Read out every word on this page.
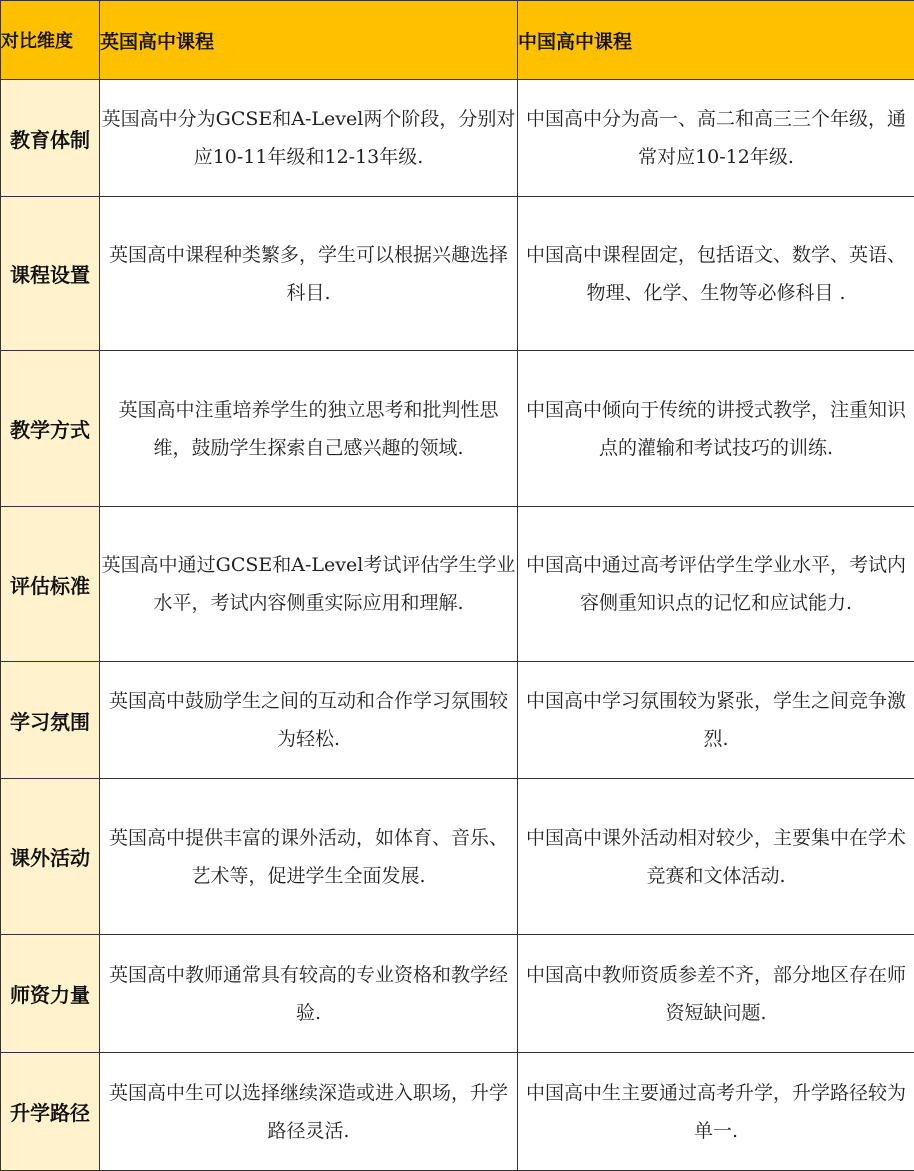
对比维度	英国高中课程	中国高中课程
教育体制	英国高中分为GCSE和A-Level两个阶段，分别对应10-11年级和12-13年级.	中国高中分为高一、高二和高三三个年级，通常对应10-12年级.
课程设置	英国高中课程种类繁多，学生可以根据兴趣选择科目.	中国高中课程固定，包括语文、数学、英语、物理、化学、生物等必修科目 .
教学方式	英国高中注重培养学生的独立思考和批判性思维，鼓励学生探索自己感兴趣的领域.	中国高中倾向于传统的讲授式教学，注重知识点的灌输和考试技巧的训练.
评估标准	英国高中通过GCSE和A-Level考试评估学生学业水平，考试内容侧重实际应用和理解.	中国高中通过高考评估学生学业水平，考试内容侧重知识点的记忆和应试能力.
学习氛围	英国高中鼓励学生之间的互动和合作学习氛围较为轻松.	中国高中学习氛围较为紧张，学生之间竞争激烈.
课外活动	英国高中提供丰富的课外活动，如体育、音乐、艺术等，促进学生全面发展.	中国高中课外活动相对较少，主要集中在学术竞赛和文体活动.
师资力量	英国高中教师通常具有较高的专业资格和教学经验.	中国高中教师资质参差不齐，部分地区存在师资短缺问题.
升学路径	英国高中生可以选择继续深造或进入职场，升学路径灵活.	中国高中生主要通过高考升学，升学路径较为单一.
